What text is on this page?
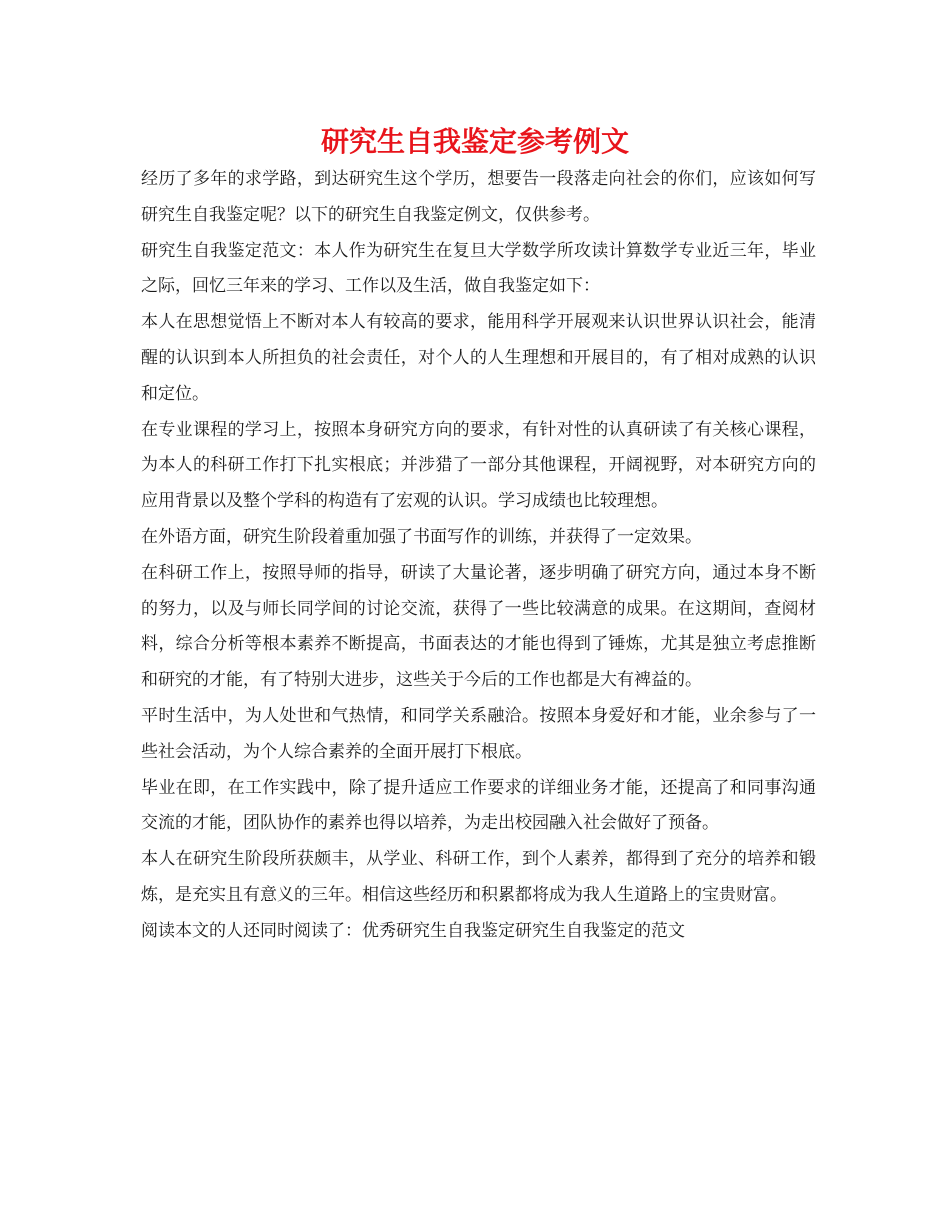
研究生自我鉴定参考例文

经历了多年的求学路，到达研究生这个学历，想要告一段落走向社会的你们，应该如何写研究生自我鉴定呢？以下的研究生自我鉴定例文，仅供参考。

研究生自我鉴定范文：本人作为研究生在复旦大学数学所攻读计算数学专业近三年，毕业之际，回忆三年来的学习、工作以及生活，做自我鉴定如下：

本人在思想觉悟上不断对本人有较高的要求，能用科学开展观来认识世界认识社会，能清醒的认识到本人所担负的社会责任，对个人的人生理想和开展目的，有了相对成熟的认识和定位。

在专业课程的学习上，按照本身研究方向的要求，有针对性的认真研读了有关核心课程，为本人的科研工作打下扎实根底；并涉猎了一部分其他课程，开阔视野，对本研究方向的应用背景以及整个学科的构造有了宏观的认识。学习成绩也比较理想。

在外语方面，研究生阶段着重加强了书面写作的训练，并获得了一定效果。

在科研工作上，按照导师的指导，研读了大量论著，逐步明确了研究方向，通过本身不断的努力，以及与师长同学间的讨论交流，获得了一些比较满意的成果。在这期间，查阅材料，综合分析等根本素养不断提高，书面表达的才能也得到了锤炼，尤其是独立考虑推断和研究的才能，有了特别大进步，这些关于今后的工作也都是大有裨益的。

平时生活中，为人处世和气热情，和同学关系融洽。按照本身爱好和才能，业余参与了一些社会活动，为个人综合素养的全面开展打下根底。

毕业在即，在工作实践中，除了提升适应工作要求的详细业务才能，还提高了和同事沟通交流的才能，团队协作的素养也得以培养，为走出校园融入社会做好了预备。

本人在研究生阶段所获颇丰，从学业、科研工作，到个人素养，都得到了充分的培养和锻炼，是充实且有意义的三年。相信这些经历和积累都将成为我人生道路上的宝贵财富。

阅读本文的人还同时阅读了：优秀研究生自我鉴定研究生自我鉴定的范文
